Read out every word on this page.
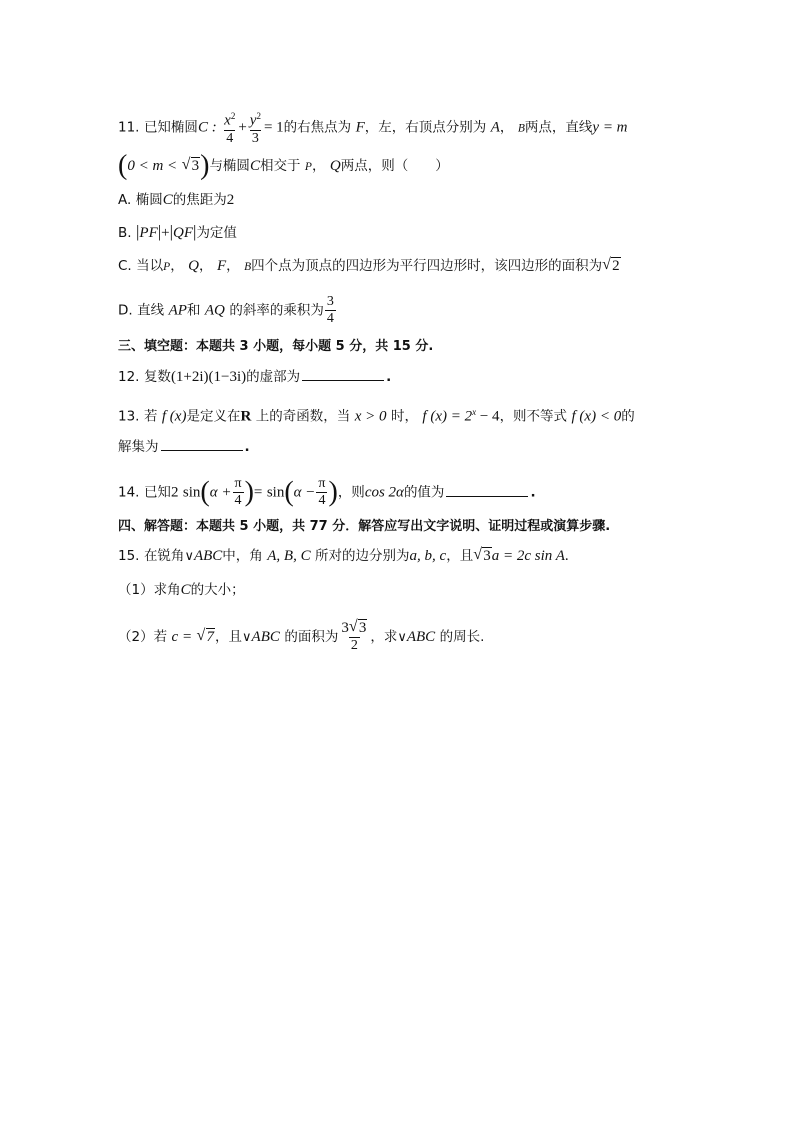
11. 已知椭圆C : $\frac{x^2}{4} + \frac{y^2}{3} = 1$的右焦点为 F，左，右顶点分别为 A， B两点，直线y = m
(0 < m < √ 3)与椭圆C相交于 P， Q两点，则（　　）
A. 椭圆C的焦距为2
B. |PF|+|QF|为定值
C. 当以P， Q， F， B四个点为顶点的四边形为平行四边形时，该四边形的面积为 √ 2
D. 直线 AP和 AQ 的斜率的乘积为 $\frac{3}{4}$
三、填空题：本题共 3 小题，每小题 5 分，共 15 分.
12. 复数(1+2i)(1−3i)的虚部为	.
13. 若 f (x)是定义在R 上的奇函数，当 x > 0 时， f $(x) = 2^x - 4$，则不等式 f (x) < 0的
解集为	.
14. 已知2 $\sin(\alpha + \frac{\pi}{4}$ )= $\sin(\alpha - \frac{\pi}{4}$ )，则cos 2α的值为	.
四、解答题：本题共 5 小题，共 77 分．解答应写出文字说明、证明过程或演算步骤.
15. 在锐角∨ABC中，角 A, B, C 所对的边分别为a, b, c，且 √ 3a = 2c sin A.
（1）求角C的大小；
（2）若 c = √ 7，且∨ABC 的面积为 $\frac{3 √ 3}{2}$ ，求∨ABC 的周长.
